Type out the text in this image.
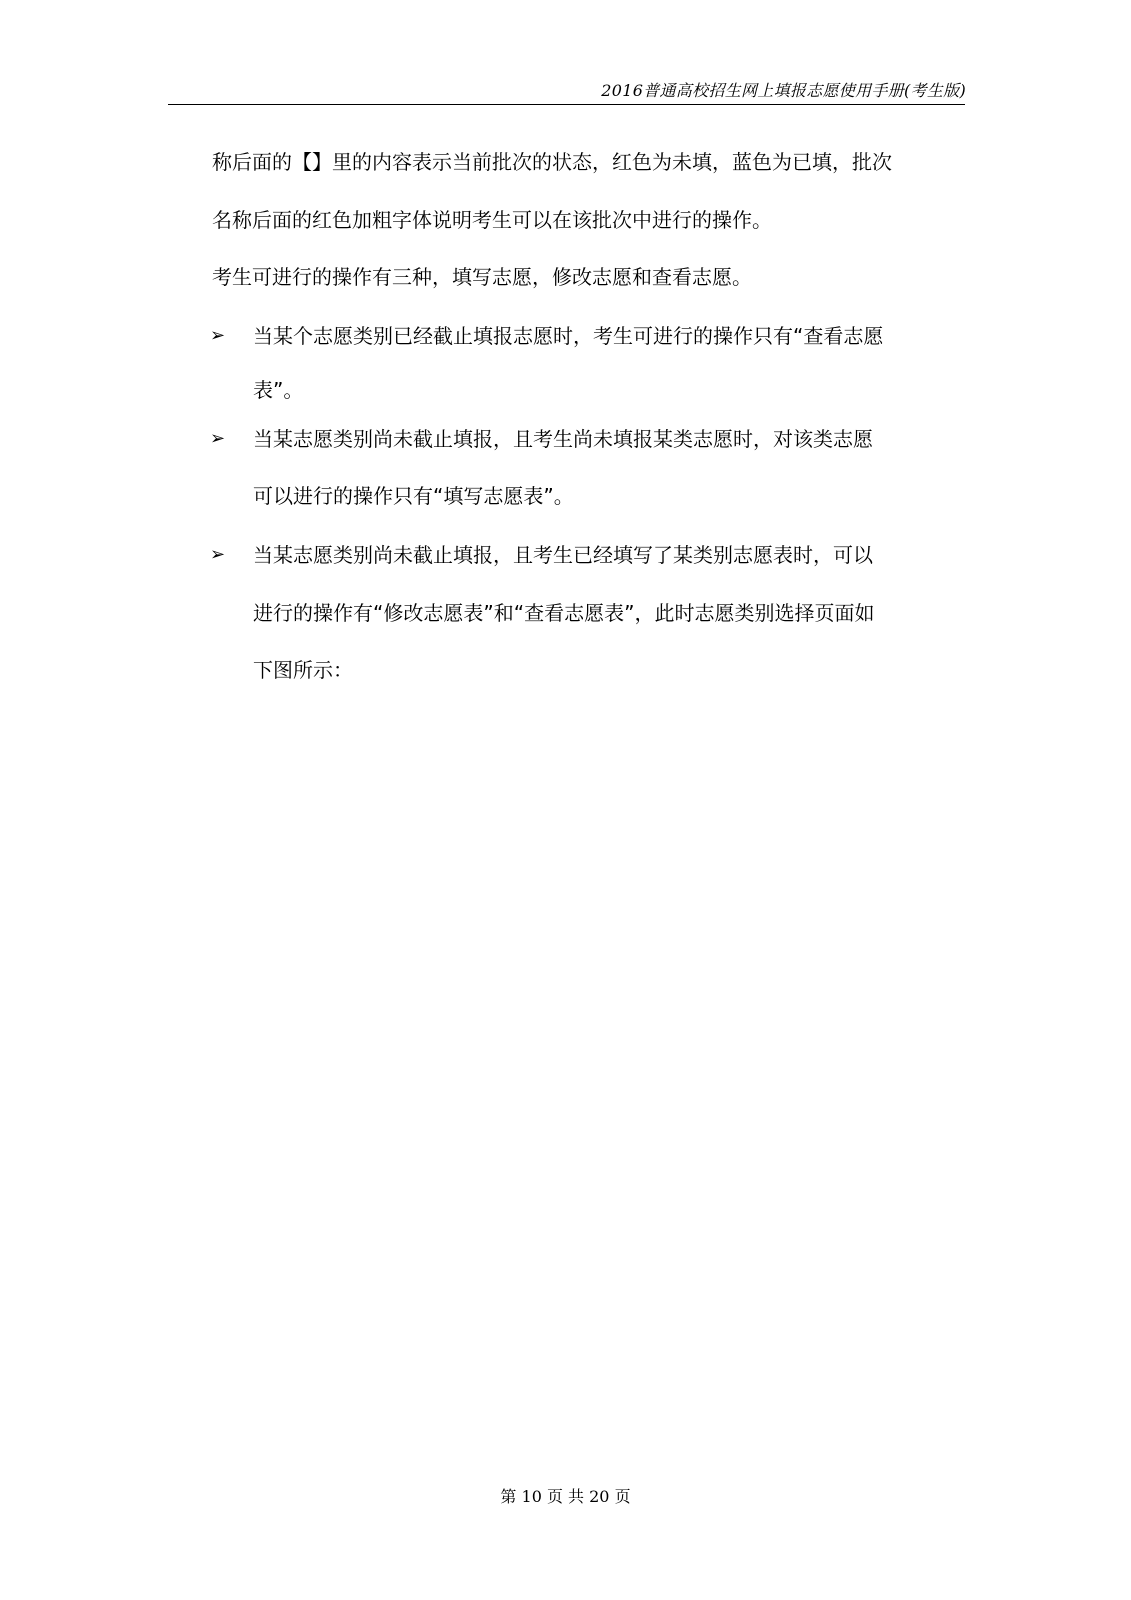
2016普通高校招生网上填报志愿使用手册(考生版)
称后面的【】里的内容表示当前批次的状态，红色为未填，蓝色为已填，批次
名称后面的红色加粗字体说明考生可以在该批次中进行的操作。
考生可进行的操作有三种，填写志愿，修改志愿和查看志愿。
➢ 当某个志愿类别已经截止填报志愿时，考生可进行的操作只有“查看志愿
表”。
➢ 当某志愿类别尚未截止填报，且考生尚未填报某类志愿时，对该类志愿
可以进行的操作只有“填写志愿表”。
➢ 当某志愿类别尚未截止填报，且考生已经填写了某类别志愿表时，可以
进行的操作有“修改志愿表”和“查看志愿表”，此时志愿类别选择页面如
下图所示：
第 10 页 共 20 页
